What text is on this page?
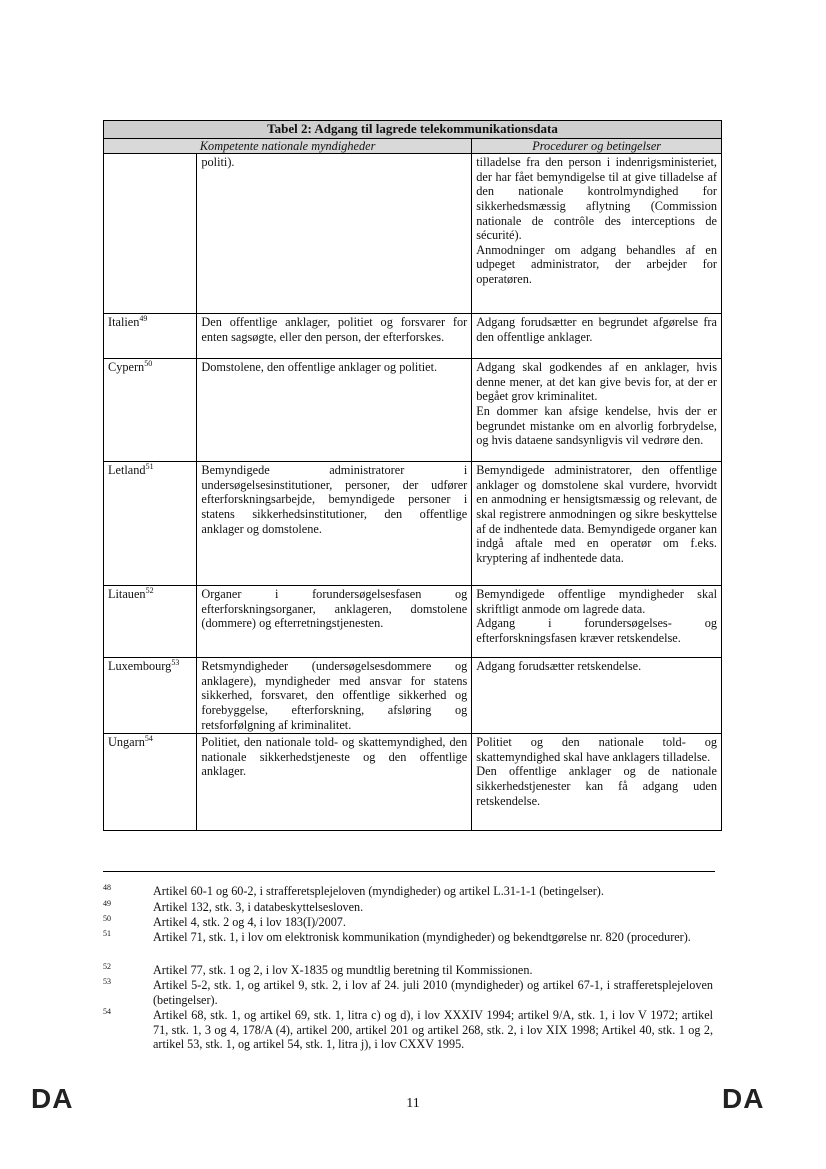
Tabel 2: Adgang til lagrede telekommunikationsdata		
Kompetente nationale myndigheder		Procedurer og betingelser

	politi).	tilladelse fra den person i indenrigsministeriet, der har fået bemyndigelse til at give tilladelse af den nationale kontrolmyndighed for sikkerhedsmæssig aflytning (Commission nationale de contrôle des interceptions de sécurité).
Anmodninger om adgang behandles af en udpeget administrator, der arbejder for operatøren.

Italien$^{49}$	Den offentlige anklager, politiet og forsvarer for enten sagsøgte, eller den person, der efterforskes.	Adgang forudsætter en begrundet afgørelse fra den offentlige anklager.

Cypern$^{50}$	Domstolene, den offentlige anklager og politiet.	Adgang skal godkendes af en anklager, hvis denne mener, at det kan give bevis for, at der er begået grov kriminalitet.
En dommer kan afsige kendelse, hvis der er begrundet mistanke om en alvorlig forbrydelse, og hvis dataene sandsynligvis vil vedrøre den.

Letland$^{51}$	Bemyndigede administratorer i undersøgelsesinstitutioner, personer, der udfører efterforskningsarbejde, bemyndigede personer i statens sikkerhedsinstitutioner, den offentlige anklager og domstolene.	Bemyndigede administratorer, den offentlige anklager og domstolene skal vurdere, hvorvidt en anmodning er hensigtsmæssig og relevant, de skal registrere anmodningen og sikre beskyttelse af de indhentede data. Bemyndigede organer kan indgå aftale med en operatør om f.eks. kryptering af indhentede data.

Litauen$^{52}$	Organer i forundersøgelsesfasen og efterforskningsorganer, anklageren, domstolene (dommere) og efterretningstjenesten.	Bemyndigede offentlige myndigheder skal skriftligt anmode om lagrede data.
Adgang i forundersøgelses- og efterforskningsfasen kræver retskendelse.

Luxembourg$^{53}$	Retsmyndigheder (undersøgelsesdommere og anklagere), myndigheder med ansvar for statens sikkerhed, forsvaret, den offentlige sikkerhed og forebyggelse, efterforskning, afsløring og retsforfølgning af kriminalitet.	Adgang forudsætter retskendelse.

Ungarn$^{54}$	Politiet, den nationale told- og skattemyndighed, den nationale sikkerhedstjeneste og den offentlige anklager.	Politiet og den nationale told- og skattemyndighed skal have anklagers tilladelse.
Den offentlige anklager og de nationale sikkerhedstjenester kan få adgang uden retskendelse.
48	Artikel 60-1 og 60-2, i strafferetsplejeloven (myndigheder) og artikel L.31-1-1 (betingelser).
49	Artikel 132, stk. 3, i databeskyttelsesloven.
50	Artikel 4, stk. 2 og 4, i lov 183(I)/2007.
51	Artikel 71, stk. 1, i lov om elektronisk kommunikation (myndigheder) og bekendtgørelse nr. 820 (procedurer).
52	Artikel 77, stk. 1 og 2, i lov X-1835 og mundtlig beretning til Kommissionen.
53	Artikel 5-2, stk. 1, og artikel 9, stk. 2, i lov af 24. juli 2010 (myndigheder) og artikel 67-1, i strafferetsplejeloven (betingelser).
54	Artikel 68, stk. 1, og artikel 69, stk. 1, litra c) og d), i lov XXXIV 1994; artikel 9/A, stk. 1, i lov V 1972; artikel 71, stk. 1, 3 og 4, 178/A (4), artikel 200, artikel 201 og artikel 268, stk. 2, i lov XIX 1998; Artikel 40, stk. 1 og 2, artikel 53, stk. 1, og artikel 54, stk. 1, litra j), i lov CXXV 1995.
DA	11	DA
